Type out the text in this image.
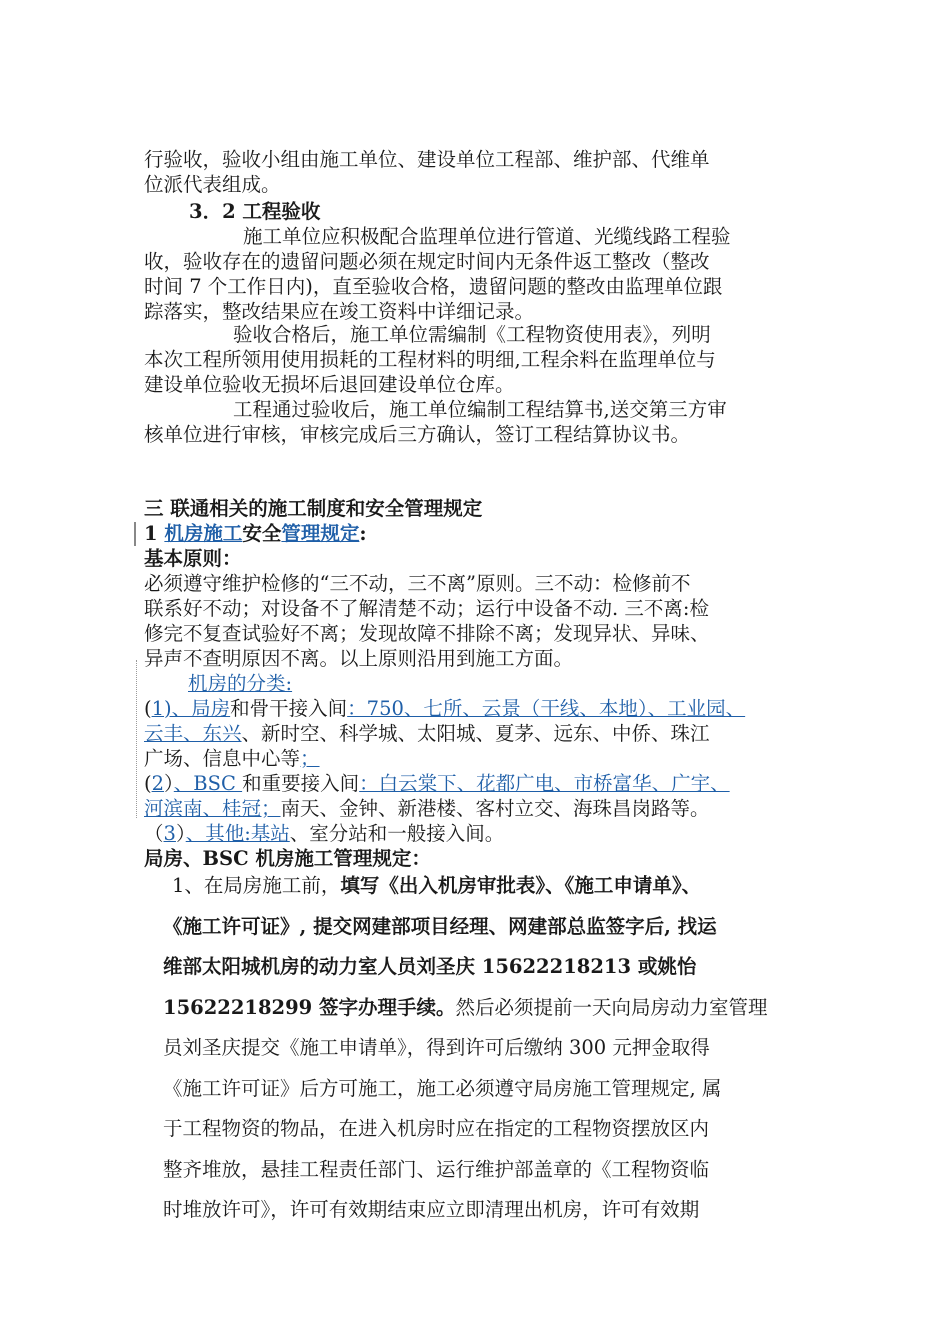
行验收，验收小组由施工单位、建设单位工程部、维护部、代维单
位派代表组成。
3．2 工程验收
施工单位应积极配合监理单位进行管道、光缆线路工程验
收，验收存在的遗留问题必须在规定时间内无条件返工整改（整改
时间 7 个工作日内)，直至验收合格，遗留问题的整改由监理单位跟
踪落实，整改结果应在竣工资料中详细记录。
验收合格后，施工单位需编制《工程物资使用表》，列明
本次工程所领用使用损耗的工程材料的明细,工程余料在监理单位与
建设单位验收无损坏后退回建设单位仓库。
工程通过验收后，施工单位编制工程结算书,送交第三方审
核单位进行审核，审核完成后三方确认，签订工程结算协议书。
三 联通相关的施工制度和安全管理规定
1 机房施工安全管理规定:
基本原则：
必须遵守维护检修的“三不动，三不离”原则。三不动：检修前不
联系好不动；对设备不了解清楚不动；运行中设备不动. 三不离:检
修完不复查试验好不离；发现故障不排除不离；发现异状、异味、
异声不查明原因不离。以上原则沿用到施工方面。
机房的分类:
(1)、局房和骨干接入间：750、七所、云景（干线、本地）、工业园、
云丰、东兴、新时空、科学城、太阳城、夏茅、远东、中侨、珠江
广场、信息中心等；
(2）、BSC 和重要接入间：白云棠下、花都广电、市桥富华、广宇、
河滨南、桂冠；南天、金钟、新港楼、客村立交、海珠昌岗路等。
（3）、其他:基站、室分站和一般接入间。
局房、BSC 机房施工管理规定：
1、在局房施工前，填写《出入机房审批表》、《施工申请单》、
《施工许可证》, 提交网建部项目经理、网建部总监签字后, 找运
维部太阳城机房的动力室人员刘圣庆 15622218213 或姚怡
15622218299 签字办理手续。然后必须提前一天向局房动力室管理
员刘圣庆提交《施工申请单》，得到许可后缴纳 300 元押金取得
《施工许可证》后方可施工，施工必须遵守局房施工管理规定, 属
于工程物资的物品，在进入机房时应在指定的工程物资摆放区内
整齐堆放，悬挂工程责任部门、运行维护部盖章的《工程物资临
时堆放许可》，许可有效期结束应立即清理出机房，许可有效期
